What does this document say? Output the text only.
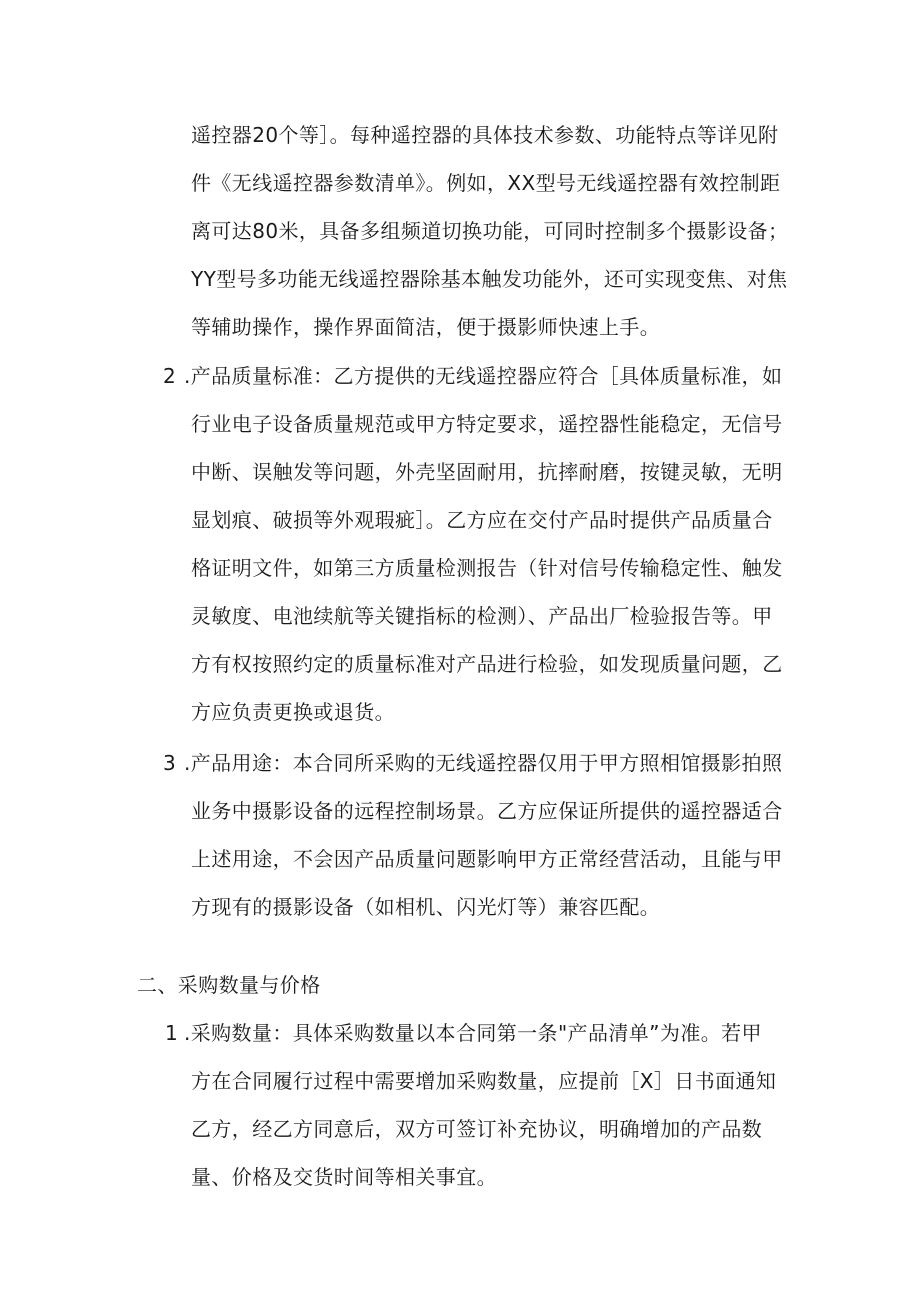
遥控器20个等］。每种遥控器的具体技术参数、功能特点等详见附
件《无线遥控器参数清单》。例如，XX型号无线遥控器有效控制距
离可达80米，具备多组频道切换功能，可同时控制多个摄影设备；
YY型号多功能无线遥控器除基本触发功能外，还可实现变焦、对焦
等辅助操作，操作界面简洁，便于摄影师快速上手。
2 .产品质量标准：乙方提供的无线遥控器应符合［具体质量标准，如
行业电子设备质量规范或甲方特定要求，遥控器性能稳定，无信号
中断、误触发等问题，外壳坚固耐用，抗摔耐磨，按键灵敏，无明
显划痕、破损等外观瑕疵］。乙方应在交付产品时提供产品质量合
格证明文件，如第三方质量检测报告（针对信号传输稳定性、触发
灵敏度、电池续航等关键指标的检测）、产品出厂检验报告等。甲
方有权按照约定的质量标准对产品进行检验，如发现质量问题，乙
方应负责更换或退货。
3 .产品用途：本合同所采购的无线遥控器仅用于甲方照相馆摄影拍照
业务中摄影设备的远程控制场景。乙方应保证所提供的遥控器适合
上述用途，不会因产品质量问题影响甲方正常经营活动，且能与甲
方现有的摄影设备（如相机、闪光灯等）兼容匹配。
二、采购数量与价格
1 .采购数量：具体采购数量以本合同第一条"产品清单”为准。若甲
方在合同履行过程中需要增加采购数量，应提前［X］日书面通知
乙方，经乙方同意后，双方可签订补充协议，明确增加的产品数
量、价格及交货时间等相关事宜。
